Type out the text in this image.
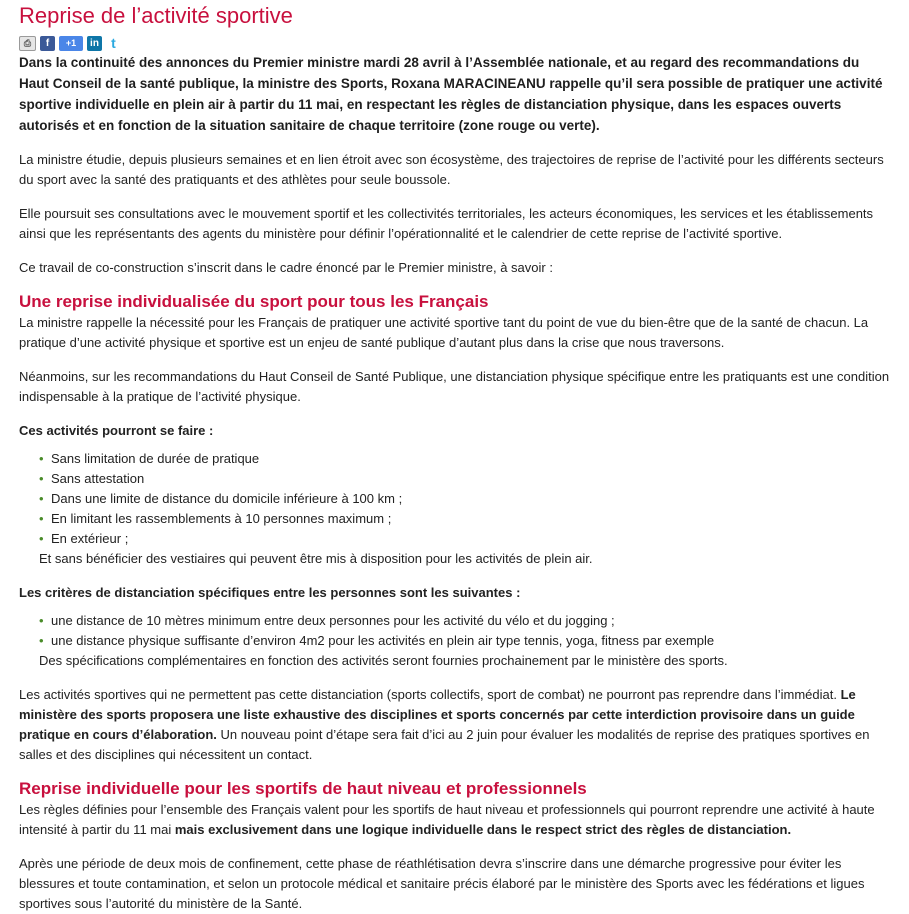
Reprise de l’activité sportive
⎙	f	+1	in t

Dans la continuité des annonces du Premier ministre mardi 28 avril à l’Assemblée nationale, et au regard des recommandations du Haut Conseil de la santé publique, la ministre des Sports, Roxana MARACINEANU rappelle qu’il sera possible de pratiquer une activité sportive individuelle en plein air à partir du 11 mai, en respectant les règles de distanciation physique, dans les espaces ouverts autorisés et en fonction de la situation sanitaire de chaque territoire (zone rouge ou verte).

La ministre étudie, depuis plusieurs semaines et en lien étroit avec son écosystème, des trajectoires de reprise de l’activité pour les différents secteurs du sport avec la santé des pratiquants et des athlètes pour seule boussole.

Elle poursuit ses consultations avec le mouvement sportif et les collectivités territoriales, les acteurs économiques, les services et les établissements ainsi que les représentants des agents du ministère pour définir l’opérationnalité et le calendrier de cette reprise de l’activité sportive.

Ce travail de co-construction s’inscrit dans le cadre énoncé par le Premier ministre, à savoir :

Une reprise individualisée du sport pour tous les Français

La ministre rappelle la nécessité pour les Français de pratiquer une activité sportive tant du point de vue du bien-être que de la santé de chacun. La pratique d’une activité physique et sportive est un enjeu de santé publique d’autant plus dans la crise que nous traversons.

Néanmoins, sur les recommandations du Haut Conseil de Santé Publique, une distanciation physique spécifique entre les pratiquants est une condition indispensable à la pratique de l’activité physique.

Ces activités pourront se faire :

• Sans limitation de durée de pratique
• Sans attestation
• Dans une limite de distance du domicile inférieure à 100 km ;
• En limitant les rassemblements à 10 personnes maximum ;
• En extérieur ;

Et sans bénéficier des vestiaires qui peuvent être mis à disposition pour les activités de plein air.

Les critères de distanciation spécifiques entre les personnes sont les suivantes :

• une distance de 10 mètres minimum entre deux personnes pour les activité du vélo et du jogging ;
• une distance physique suffisante d’environ 4m2 pour les activités en plein air type tennis, yoga, fitness par exemple

Des spécifications complémentaires en fonction des activités seront fournies prochainement par le ministère des sports.

Les activités sportives qui ne permettent pas cette distanciation (sports collectifs, sport de combat) ne pourront pas reprendre dans l’immédiat. Le ministère des sports proposera une liste exhaustive des disciplines et sports concernés par cette interdiction provisoire dans un guide pratique en cours d’élaboration. Un nouveau point d’étape sera fait d’ici au 2 juin pour évaluer les modalités de reprise des pratiques sportives en salles et des disciplines qui nécessitent un contact.

Reprise individuelle pour les sportifs de haut niveau et professionnels

Les règles définies pour l’ensemble des Français valent pour les sportifs de haut niveau et professionnels qui pourront reprendre une activité à haute intensité à partir du 11 mai mais exclusivement dans une logique individuelle dans le respect strict des règles de distanciation.

Après une période de deux mois de confinement, cette phase de réathlétisation devra s’inscrire dans une démarche progressive pour éviter les blessures et toute contamination, et selon un protocole médical et sanitaire précis élaboré par le ministère des Sports avec les fédérations et ligues sportives sous l’autorité du ministère de la Santé.
